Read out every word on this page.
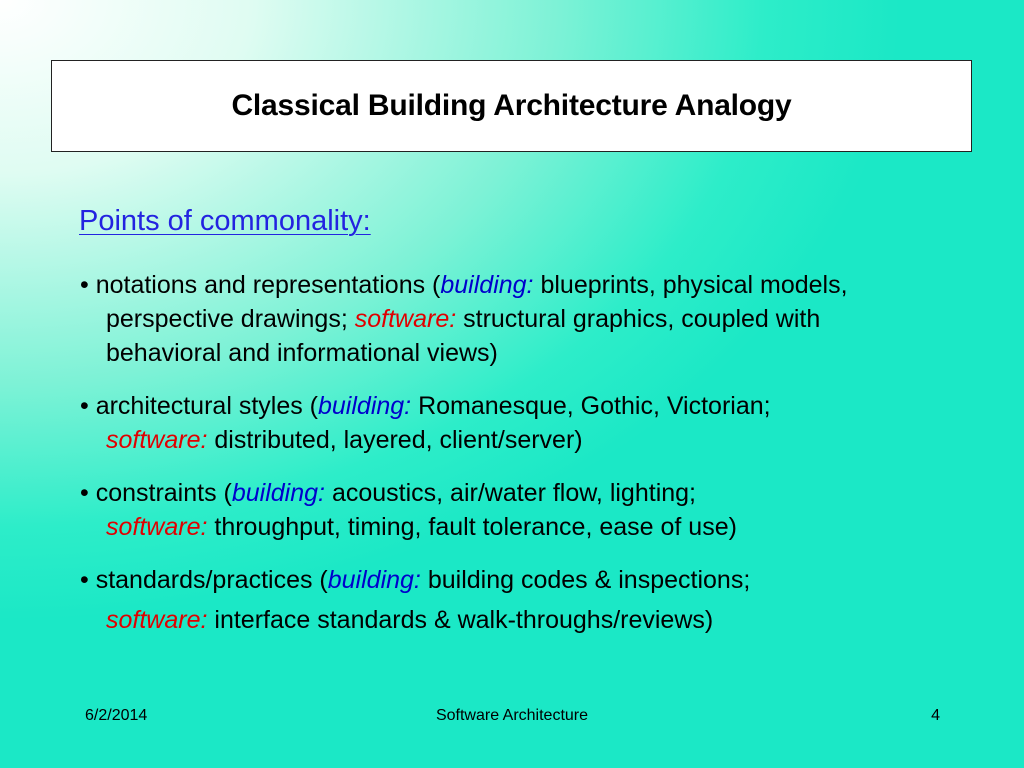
Classical Building Architecture Analogy
Points of commonality:
• notations and representations (building: blueprints, physical models,
perspective drawings; software: structural graphics, coupled with
behavioral and informational views)
• architectural styles (building: Romanesque, Gothic, Victorian;
software: distributed, layered, client/server)
• constraints (building: acoustics, air/water flow, lighting;
software: throughput, timing, fault tolerance, ease of use)
• standards/practices (building: building codes & inspections;
software: interface standards & walk-throughs/reviews)
6/2/2014	Software Architecture	4
